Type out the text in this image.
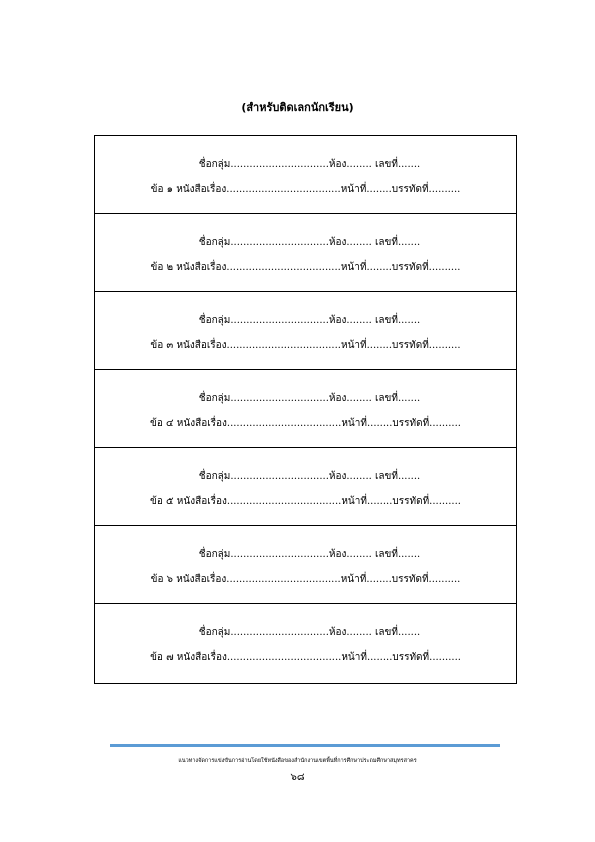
(สำหรับติดเลกนักเรียน)
ชื่อกลุ่ม...............................ห้อง........ เลขที่.......
ข้อ ๑ หนังสือเรื่อง....................................หน้าที่........บรรทัดที่..........
ชื่อกลุ่ม...............................ห้อง........ เลขที่.......
ข้อ ๒ หนังสือเรื่อง....................................หน้าที่........บรรทัดที่..........
ชื่อกลุ่ม...............................ห้อง........ เลขที่.......
ข้อ ๓ หนังสือเรื่อง....................................หน้าที่........บรรทัดที่..........
ชื่อกลุ่ม...............................ห้อง........ เลขที่.......
ข้อ ๔ หนังสือเรื่อง....................................หน้าที่........บรรทัดที่..........
ชื่อกลุ่ม...............................ห้อง........ เลขที่.......
ข้อ ๕ หนังสือเรื่อง....................................หน้าที่........บรรทัดที่..........
ชื่อกลุ่ม...............................ห้อง........ เลขที่.......
ข้อ ๖ หนังสือเรื่อง....................................หน้าที่........บรรทัดที่..........
ชื่อกลุ่ม...............................ห้อง........ เลขที่.......
ข้อ ๗ หนังสือเรื่อง....................................หน้าที่........บรรทัดที่..........
แนวทางจัดการแข่งขันการอ่านโดยใช้หนังสือของสำนักงานเขตพื้นที่การศึกษาประถมศึกษาสมุทรสาคร
๖๘
